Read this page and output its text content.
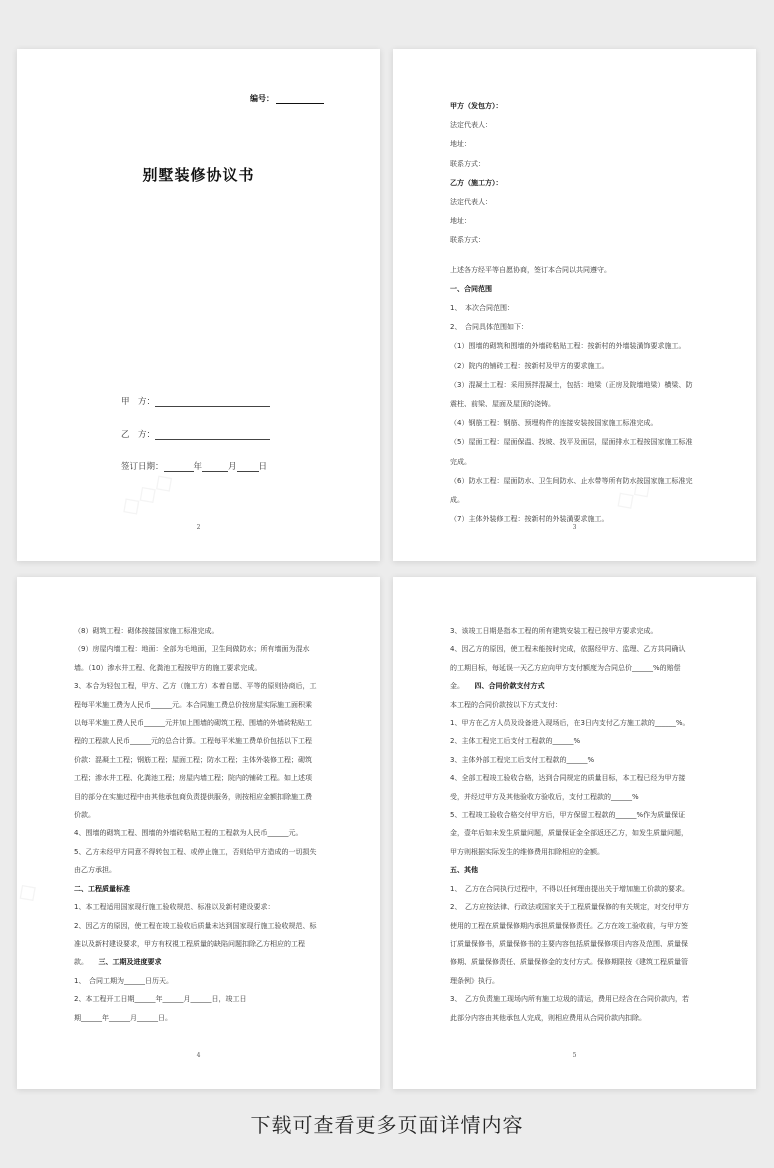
编号：
别墅装修协议书
甲　方：
乙　方：
签订日期：	年	月	日
2

甲方（发包方）：

法定代表人：

地址：

联系方式：

乙方（施工方）：

法定代表人：

地址：

联系方式：

上述各方经平等自愿协商，签订本合同以共同遵守。

一、合同范围

1、　本次合同范围：

2、　合同具体范围如下：

（1）围墙的砌筑和围墙的外墙砖粘贴工程：按新村的外墙装潢饰要求施工。

（2）院内的铺砖工程：按新村及甲方的要求施工。

（3）混凝土工程：采用预拌混凝土，包括：地梁（正房及院墙地梁）横梁、防

震柱、前梁、屋面及屋顶的浇铸。

（4）钢筋工程：钢筋、预埋构件的连接安装按国家施工标准完成。

（5）屋面工程：屋面保温、找坡、找平及面层，屋面排水工程按国家施工标准

完成。

（6）防水工程：屋面防水、卫生间防水、止水带等所有防水按国家施工标准完

成。

（7）主体外装修工程：按新村的外装潢要求施工。

3

（8）砌筑工程：砌体按接国家施工标准完成。

（9）房屋内墙工程：地面：全部为毛地面，卫生间做防水；所有墙面为混水

墙。（10）渗水井工程、化粪池工程按甲方的施工要求完成。

3、本合为轻包工程，甲方、乙方（施工方）本着自愿、平等的原则协商后，工

程每平米施工费为人民币______元。本合同施工费总价按房屋实际施工面积乘

以每平米施工费人民币______元并加上围墙的砌筑工程、围墙的外墙砖粘贴工

程的工程款人民币______元的总合计算。工程每平米施工费单价包括以下工程

价款：混凝土工程；钢筋工程；屋面工程；防水工程；主体外装修工程；砌筑

工程；渗水井工程、化粪池工程；房屋内墙工程；院内的铺砖工程。如上述项

目的部分在实施过程中由其他承包商负责提供服务，则按相应金额扣除施工费

价款。

4、围墙的砌筑工程、围墙的外墙砖粘贴工程的工程款为人民币______元。

5、乙方未经甲方同意不得转包工程、或停止施工，否则给甲方造成的一切损失

由乙方承担。

二、工程质量标准

1、本工程适用国家现行施工验收规范、标准以及新村建设要求：

2、因乙方的原因，使工程在竣工验收后质量未达到国家现行施工验收规范、标

准以及新村建设要求，甲方有权視工程质量的缺陷问题扣除乙方相应的工程

款。　　三、工期及进度要求

1、　合同工期为______日历天。

2、本工程开工日期______年______月______日，竣工日

期______年______月______日。

4

3、该竣工日期是指本工程的所有建筑安装工程已按甲方要求完成。

4、因乙方的原因，使工程未能按时完成，依据经甲方、监理、乙方共同确认

的工期目标，每延误一天乙方应向甲方支付额度为合同总价______%的赔偿

金。　　四、合同价款支付方式

本工程的合同价款按以下方式支付：

1、甲方在乙方人员及设备进入现场后，在3日内支付乙方施工款的______%。

2、主体工程完工后支付工程款的______%

3、主体外部工程完工后支付工程款的______%

4、全部工程竣工验收合格，达到合同规定的质量目标，本工程已经为甲方接

受，并经过甲方及其他验收方验收后，支付工程款的______%

5、工程竣工验收合格交付甲方后，甲方保留工程款的______%作为质量保证

金，壹年后如未发生质量问题，质量保证金全部返还乙方，如发生质量问题，

甲方则根据实际发生的维修费用扣除相应的金额。

五、其他

1、　乙方在合同执行过程中，不得以任何理由提出关于增加施工价款的要求。

2、　乙方应按法律、行政法或国家关于工程质量保修的有关规定，对交付甲方

使用的工程在质量保修期内承担质量保修责任。乙方在竣工验收前，与甲方签

订质量保修书，质量保修书的主要内容包括质量保修项目内容及范围、质量保

修期、质量保修责任、质量保修金的支付方式。保修期限按《建筑工程质量管

理条例》执行。

3、　乙方负责施工现场内所有施工垃圾的清运，费用已经含在合同价款内，若

此部分内容由其他承包人完成，则相应费用从合同价款内扣除。

5
下载可查看更多页面详情内容
